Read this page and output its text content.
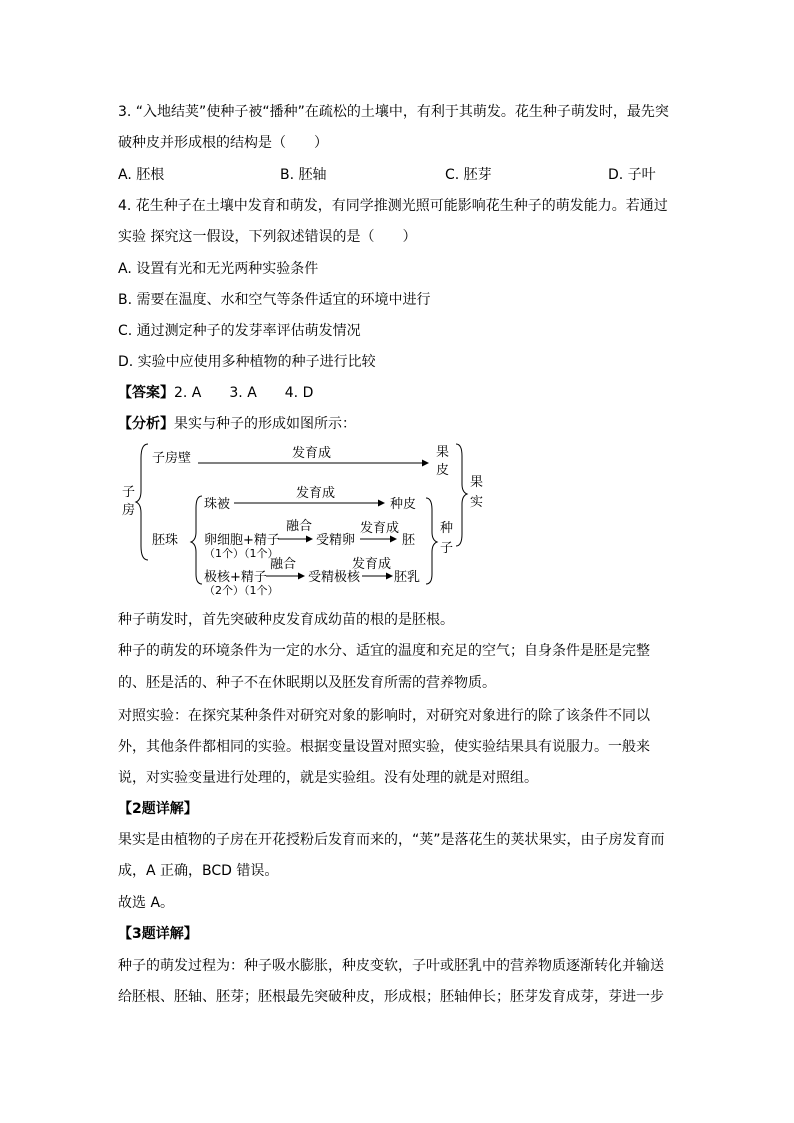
3. “入地结荚”使种子被“播种”在疏松的土壤中，有利于其萌发。花生种子萌发时，最先突
破种皮并形成根的结构是（　　）
A. 胚根	B. 胚轴	C. 胚芽	D. 子叶
4. 花生种子在土壤中发育和萌发，有同学推测光照可能影响花生种子的萌发能力。若通过
实验 探究这一假设，下列叙述错误的是（　　）
A. 设置有光和无光两种实验条件
B. 需要在温度、水和空气等条件适宜的环境中进行
C. 通过测定种子的发芽率评估萌发情况
D. 实验中应使用多种植物的种子进行比较
【答案】2. A　　3. A　　4. D
【分析】果实与种子的形成如图所示：
子
房
子房壁	发育成	果
皮
胚珠
珠被
发育成
种皮
卵细胞+精子
（1个）（1个）
融合
受精卵
发育成
胚
极核+精子
（2个）（1个）
融合
受精极核
发育成
胚乳
种
子
果
实
种子萌发时，首先突破种皮发育成幼苗的根的是胚根。
种子的萌发的环境条件为一定的水分、适宜的温度和充足的空气；自身条件是胚是完整
的、胚是活的、种子不在休眠期以及胚发育所需的营养物质。
对照实验：在探究某种条件对研究对象的影响时，对研究对象进行的除了该条件不同以
外，其他条件都相同的实验。根据变量设置对照实验，使实验结果具有说服力。一般来
说，对实验变量进行处理的，就是实验组。没有处理的就是对照组。
【2题详解】
果实是由植物的子房在开花授粉后发育而来的，“荚”是落花生的荚状果实，由子房发育而
成，A 正确，BCD 错误。
故选 A。
【3题详解】
种子的萌发过程为：种子吸水膨胀，种皮变软，子叶或胚乳中的营养物质逐渐转化并输送
给胚根、胚轴、胚芽；胚根最先突破种皮，形成根；胚轴伸长；胚芽发育成芽，芽进一步
